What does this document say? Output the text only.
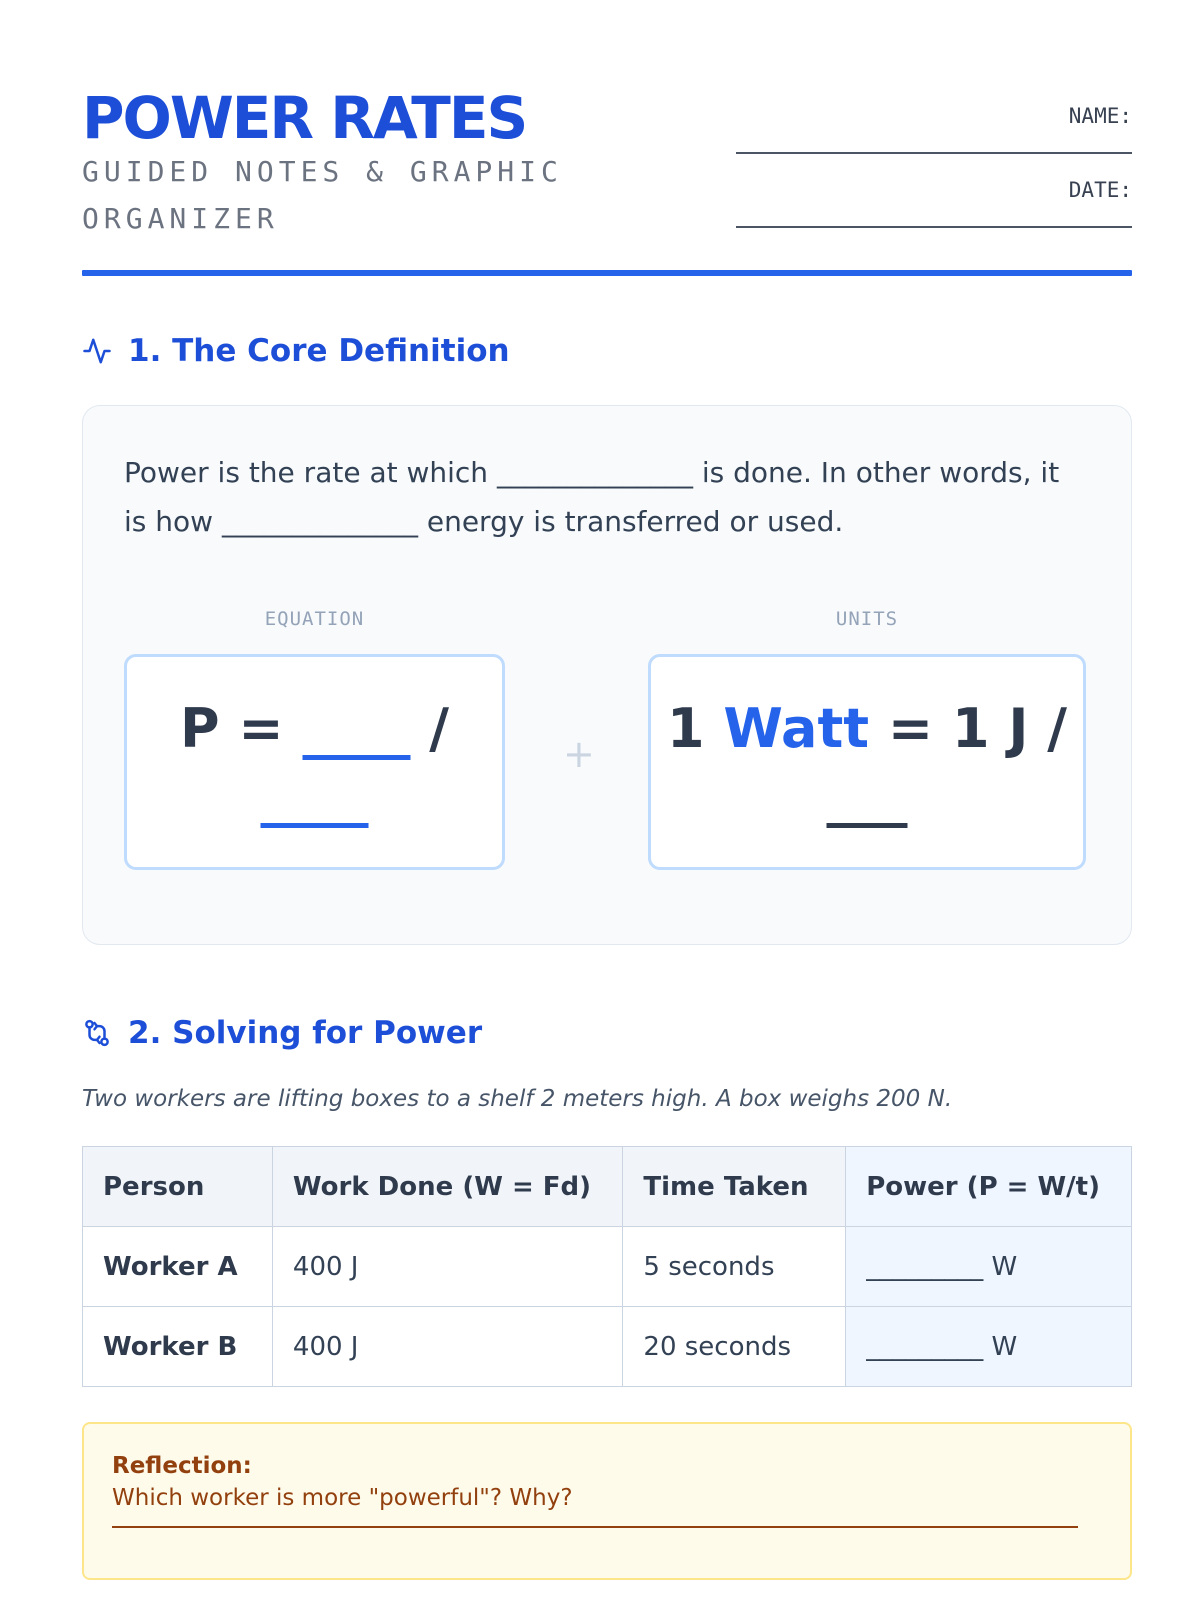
POWER RATES
GUIDED NOTES & GRAPHIC ORGANIZER
NAME:
DATE:
1. The Core Definition
Power is the rate at which ______________ is done. In other words, it is how ______________ energy is transferred or used.
EQUATION	UNITS
P = ____ / ____
+	1 Watt = 1 J / ___
2. Solving for Power
Two workers are lifting boxes to a shelf 2 meters high. A box weighs 200 N.
Person	Work Done (W = Fd)	Time Taken	Power (P = W/t)
Worker A	400 J	5 seconds	_________ W
Worker B	400 J	20 seconds	_________ W
Reflection:
Which worker is more "powerful"? Why?
